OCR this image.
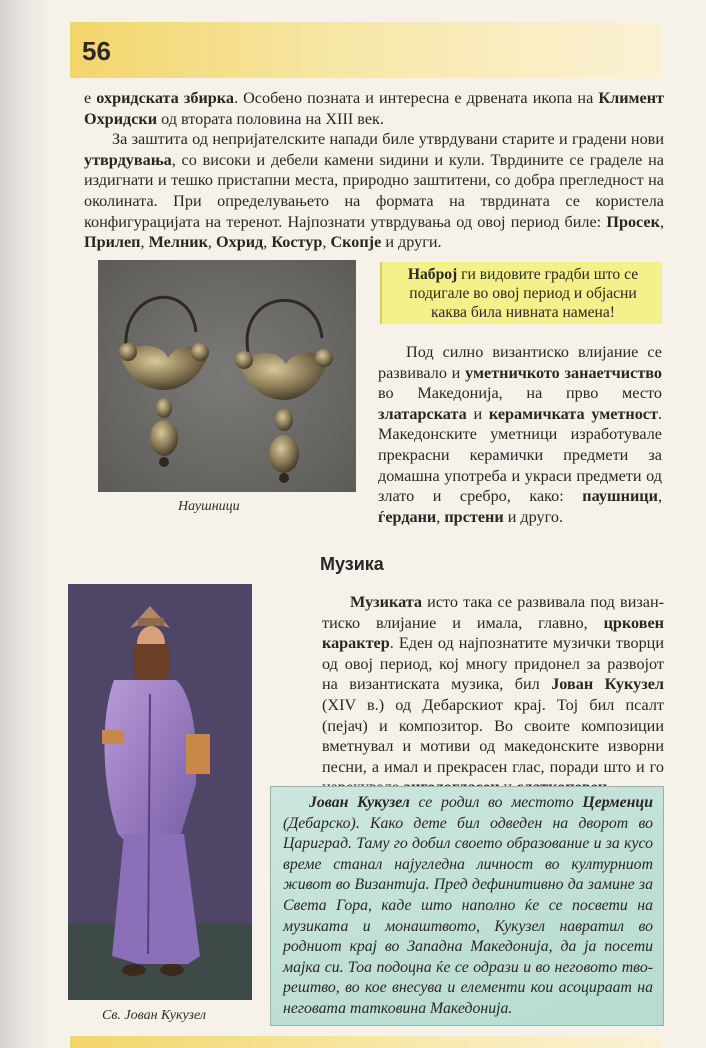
56

е охридската збирка. Особено позната и интересна е дрвената икопа на Климент Охридски од втората половина на XIII век.

За заштита од непријателските напади биле утврдувани старите и градени нови утврдувања, со високи и дебели камени ѕидини и кули. Тврдините се граделе на издигнати и тешко пристапни места, природно заштитени, со добра прегледност на околината. При определувањето на формата на тврдината се користела конфигурацијата на теренот. Најпознати утврдувања од овој период биле: Просек, Прилеп, Мелник, Охрид, Костур, Скопје и други.

Наушници
Наброј ги видовите градби што се подигале во овој период и објасни каква била нивната намена!

Под силно византиско влијание се развивало и уметничкото занаетчиство во Македонија, на прво место златарската и керамичката уметност. Македонските уметници изработувале прекрасни керамички предмети за домашна употреба и украси предмети од злато и сребро, како: паушници, ѓердани, прстени и друго.

Музика
Св. Јован Кукузел

Музиката исто така се развивала под византиско влијание и имала, главно, црковен карактер. Еден од најпознатите музички творци од овој период, кој многу придонел за развојот на византиската музика, бил Јован Кукузел (XIV в.) од Дебарскиот крај. Тој бил псалт (пејач) и композитор. Во своите композиции вметнувал и мотиви од македонските изворни песни, а имал и прекрасен глас, поради што и го

Јован Кукузел се родил во местото Церменци (Дебарско). Како дете бил одведен на дворот во Цариград. Таму го добил своето образование и за кусо време станал најугледна личност во културниот живот во Византија. Пред дефинитивно да замине за Света Гора, каде што наполно ќе се посвети на музиката и монаштвото, Кукузел навратил во родниот крај во Западна Македонија, да ја посети мајка си. Тоа подоцна ќе се одрази и во неговото творештво, во кое внесува и елементи кои асоцираат на неговата татковина Македонија.
